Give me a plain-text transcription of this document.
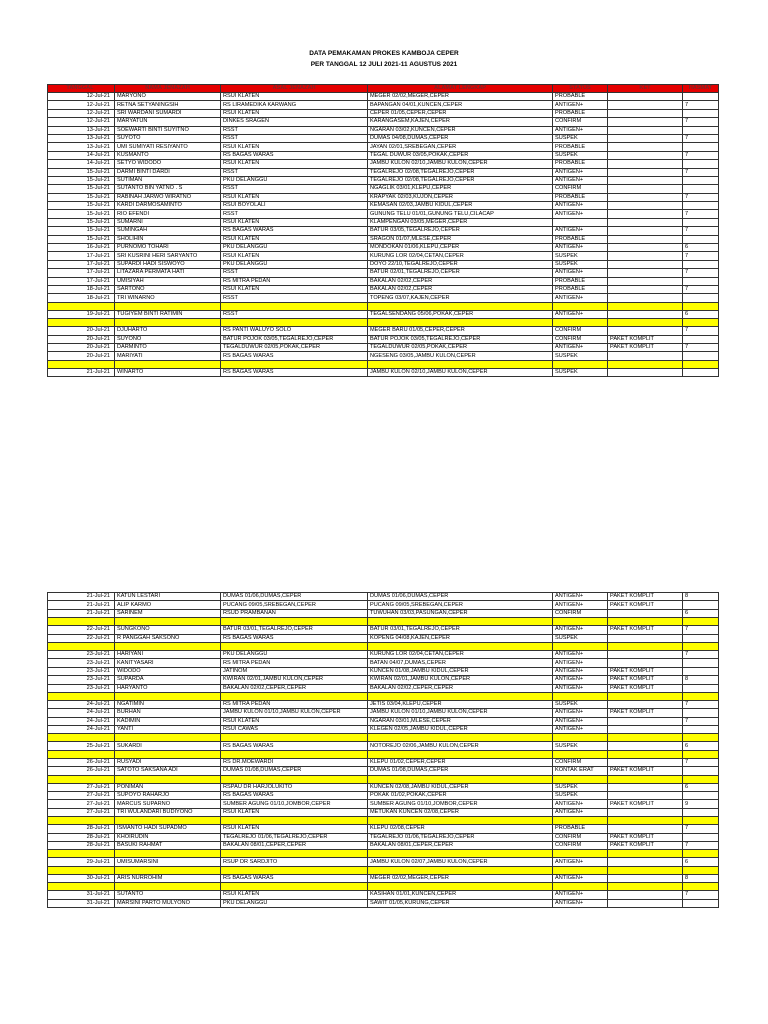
DATA PEMAKAMAN PROKES KAMBOJA CEPER
PER TANGGAL 12 JULI 2021-11 AGUSTUS 2021
TANGGAL	NAMA JENAZAH	ASAL JENAZAH	ALAMAT LENGKAP	STATUS	KET	HASMAT
12-Jul-21	MARYONO	RSUI KLATEN	MEGER 02/02,MEGER,CEPER	PROBABLE		
12-Jul-21	RETNA SETYANINGSIH	RS LIRAMEDIKA KARWANG	BAPANGAN 04/01,KUNCEN,CEPER	ANTIGEN+		7
12-Jul-21	SRI WARDANI SUMARDI	RSUI KLATEN	CEPER 01/05,CEPER,CEPER	PROBABLE		
12-Jul-21	MARYATUN	DINKES SRAGEN	KARANGASEM,KAJEN,CEPER	CONFIRM		7
13-Jul-21	SOEWARTI BINTI SUYITNO	RSST	NGARAN 03/02,KUNCEN,CEPER	ANTIGEN+		
13-Jul-21	SUYOTO	RSST	DUMAS 04/08,DUMAS,CEPER	SUSPEK		7
13-Jul-21	UMI SUMIYATI RESIYANTO	RSUI KLATEN	JAYAN 02/01,SREBEGAN,CEPER	PROBABLE		
14-Jul-21	KUSMANTO	RS BAGAS WARAS	TEGAL DUWUR 03/05,POKAK,CEPER	SUSPEK		7
14-Jul-21	SETYO WIDODO	RSUI KLATEN	JAMBU KULON 02/10,JAMBU KULON,CEPER	PROBABLE		
15-Jul-21	DARMI BINTI DARDI	RSST	TEGALREJO 02/08,TEGALREJO,CEPER	ANTIGEN+		7
15-Jul-21	SUTIMAN	PKU DELANGGU	TEGALREJO 02/08,TEGALREJO,CEPER	ANTIGEN+		
15-Jul-21	SUTANTO BIN YATNO . S	RSST	NGAGLIK 03/01,KLEPU,CEPER	CONFIRM		
15-Jul-21	RABINAH JARWO WIRATNO	RSUI KLATEN	KRAPYAK 02/03,KUJON,CEPER	PROBABLE		7
15-Jul-21	KARDI DARMOSAMINTO	RSUI BOYOLALI	KEMASAN 02/03,JAMBU KIDUL,CEPER	ANTIGEN+		
15-Jul-21	RIO EFENDI	RSST	GUNUNG TELU 01/01,GUNUNG TELU,CILACAP	ANTIGEN+		7
15-Jul-21	SUMARNI	RSUI KLATEN	KLAMPENGAN 03/05,MEGER,CEPER			
15-Jul-21	SUMINGAH	RS BAGAS WARAS	BATUR 03/05,TEGALREJO,CEPER	ANTIGEN+		7
15-Jul-21	SHOLIHIN	RSUI KLATEN	SRAGON 01/07,MLESE,CEPER	PROBABLE		
16-Jul-21	PURNOMO TOHARI	PKU DELANGGU	MONDOKAN 01/06,KLEPU,CEPER	ANTIGEN+		6
17-Jul-21	SRI KUSRINI HERI SARYANTO	RSUI KLATEN	KURUNG LOR 02/04,CETAN,CEPER	SUSPEK		7
17-Jul-21	SUPARDI HADI SISWOYO	PKU DELANGGU	DOYO 22/10,TEGALREJO,CEPER	SUSPEK		
17-Jul-21	LITAZARA PERMATA HATI	RSST	BATUR 02/01,TEGALREJO,CEPER	ANTIGEN+		7
17-Jul-21	UMISIYAH	RS MITRA PEDAN	BAKALAN 02/02,CEPER	PROBABLE		
18-Jul-21	SARTONO	RSUI KLATEN	BAKALAN 02/02,CEPER	PROBABLE		7
18-Jul-21	TRI WINARNO	RSST	TOPENG 03/07,KAJEN,CEPER	ANTIGEN+		

19-Jul-21	TUGIYEM BINTI RATIMIN	RSST	TEGALSENDANG 05/06,POKAK,CEPER	ANTIGEN+		6

20-Jul-21	DJUHARTO	RS PANTI WALUYO SOLO	MEGER BARU 01/05,CEPER,CEPER	CONFIRM		7
20-Jul-21	SUYONO	BATUR POJOK 03/05,TEGALREJO,CEPER	BATUR POJOK 03/05,TEGALREJO,CEPER	CONFIRM	PAKET KOMPLIT	
20-Jul-21	DARMINTO	TEGALDUWUR 02/05,POKAK,CEPER	TEGALDUWUR 02/05,POKAK,CEPER	ANTIGEN+	PAKET KOMPLIT	7
20-Jul-21	MARIYATI	RS BAGAS WARAS	NGESENG 03/05,JAMBU KULON,CEPER	SUSPEK		

21-Jul-21	WINARTO	RS BAGAS WARAS	JAMBU KULON 02/10,JAMBU KULON,CEPER	SUSPEK		
21-Jul-21	KATUN LESTARI	DUMAS 01/06,DUMAS,CEPER	DUMAS 01/06,DUMAS,CEPER	ANTIGEN+	PAKET KOMPLIT	8
21-Jul-21	ALIP KARMO	PUCANG 09/05,SREBEGAN,CEPER	PUCANG 09/05,SREBEGAN,CEPER	ANTIGEN+	PAKET KOMPLIT	
21-Jul-21	SARINEM	RSUD PRAMBANAN	TUWUHAN 03/03,PASUNGAN,CEPER	CONFIRM		6

22-Jul-21	SUNGKONO	BATUR 03/01,TEGALREJO,CEPER	BATUR 03/01,TEGALREJO,CEPER	ANTIGEN+	PAKET KOMPLIT	7
22-Jul-21	R PANGGAH SAKSONO	RS BAGAS WARAS	KOPENG 04/08,KAJEN,CEPER	SUSPEK		

23-Jul-21	HARIYANI	PKU DELANGGU	KURUNG LOR 02/04,CETAN,CEPER	ANTIGEN+		7
23-Jul-21	KANITYASARI	RS MITRA PEDAN	BATAN 04/07,DUMAS,CEPER	ANTIGEN+		
23-Jul-21	WIDODO	JATINOM	KUNCEN 01/08,JAMBU KIDUL,CEPER	ANTIGEN+	PAKET KOMPLIT	
23-Jul-21	SUPARDA	KWIRAN 02/01,JAMBU KULON,CEPER	KWIRAN 02/01,JAMBU KULON,CEPER	ANTIGEN+	PAKET KOMPLIT	8
23-Jul-21	HARYANTO	BAKALAN 02/02,CEPER,CEPER	BAKALAN 02/02,CEPER,CEPER	ANTIGEN+	PAKET KOMPLIT	

24-Jul-21	NGATIMIN	RS MITRA PEDAN	JETIS 03/04,KLEPU,CEPER	SUSPEK		7
24-Jul-21	BURHAN	JAMBU KULON 01/10,JAMBU KULON,CEPER	JAMBU KULON 01/10,JAMBU KULON,CEPER	ANTIGEN+	PAKET KOMPLIT	
24-Jul-21	KADIMIN	RSUI KLATEN	NGARAN 03/01,MLESE,CEPER	ANTIGEN+		7
24-Jul-21	YANTI	RSUI CAWAS	KLEGEN 02/05,JAMBU KIDUL,CEPER	ANTIGEN+		

25-Jul-21	SUKARDI	RS BAGAS WARAS	NOTOREJO 02/06,JAMBU KULON,CEPER	SUSPEK		6

26-Jul-21	RUSYADI	RS DR.MOEWARDI	KLEPU 01/02,CEPER,CEPER	CONFIRM		7
26-Jul-21	SATOTO SAKSANA ADI	DUMAS 01/08,DUMAS,CEPER	DUMAS 01/08,DUMAS,CEPER	KONTAK ERAT	PAKET KOMPLIT	

27-Jul-21	PONIMAN	RSPAU DR HARJOLUKITO	KUNCEN 02/08,JAMBU KIDUL,CEPER	SUSPEK		6
27-Jul-21	SUPOYO RAHARJO	RS BAGAS WARAS	POKAK 01/02,POKAK,CEPER	SUSPEK		
27-Jul-21	MARCUS SUPARNO	SUMBER AGUNG 01/10,JOMBOR,CEPER	SUMBER AGUNG 01/10,JOMBOR,CEPER	ANTIGEN+	PAKET KOMPLIT	9
27-Jul-21	TRI WULANDARI BUDIYONO	RSUI KLATEN	METUKAN KUNCEN 02/08,CEPER	ANTIGEN+		

28-Jul-21	ISMANTO HADI SUPADMO	RSUI KLATEN	KLEPU 02/08,CEPER	PROBABLE		7
28-Jul-21	KHOIRUDIN	TEGALREJO 01/06,TEGALREJO,CEPER	TEGALREJO 01/06,TEGALREJO,CEPER	CONFIRM	PAKET KOMPLIT	
28-Jul-21	BASUKI RAHMAT	BAKALAN 08/01,CEPER,CEPER	BAKALAN 08/01,CEPER,CEPER	CONFIRM	PAKET KOMPLIT	7

29-Jul-21	UMISUMARSINI	RSUP DR SARDJITO	JAMBU KULON 02/07,JAMBU KULON,CEPER	ANTIGEN+		6

30-Jul-21	ARIS NURROHIM	RS BAGAS WARAS	MEGER 02/02,MEGER,CEPER	ANTIGEN+		8

31-Jul-21	SUTANTO	RSUI KLATEN	KASIHAN 01/01,KUNCEN,CEPER	ANTIGEN+		7
31-Jul-21	MARSINI PARTO MULYONO	PKU DELANGGU	SAWIT 01/05,KURUNG,CEPER	ANTIGEN+		
